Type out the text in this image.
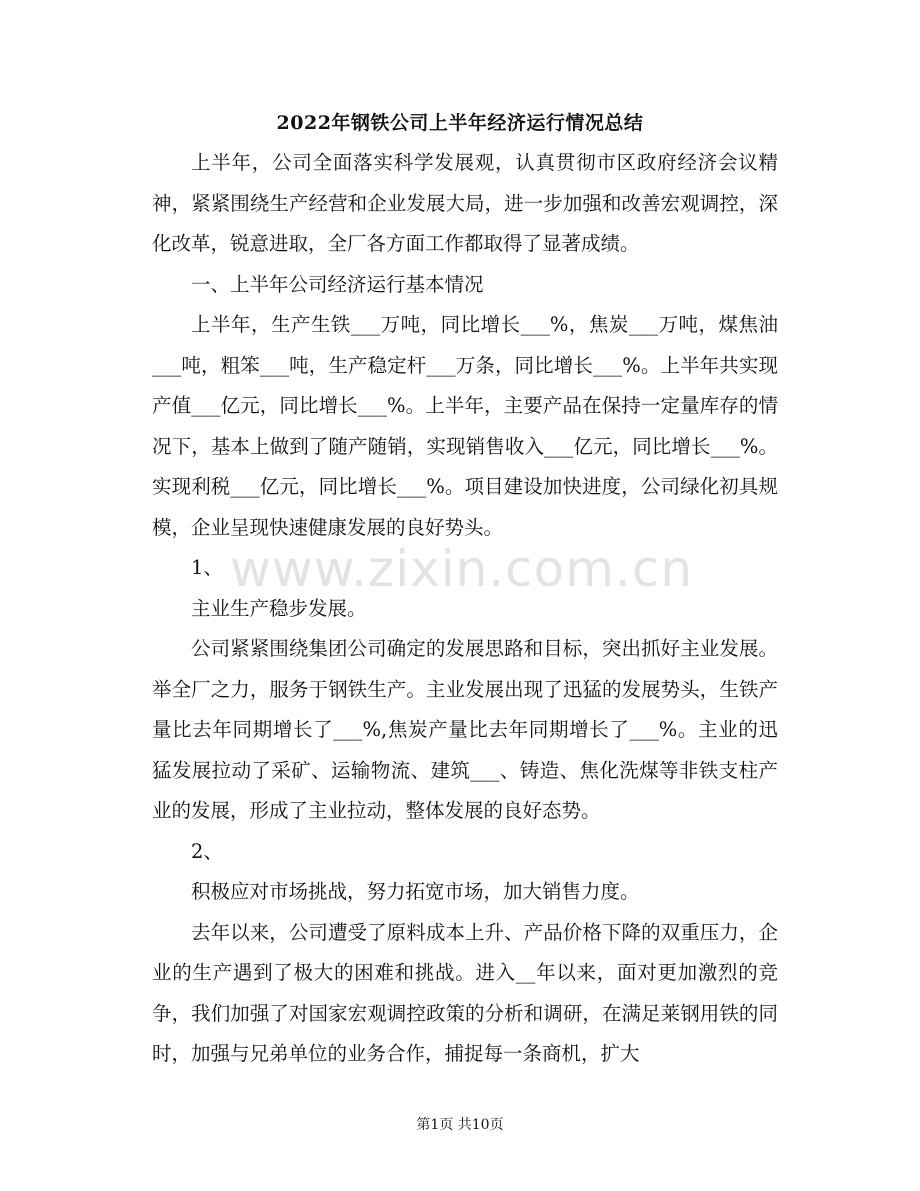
2022年钢铁公司上半年经济运行情况总结

上半年，公司全面落实科学发展观，认真贯彻市区政府经济会议精神，紧紧围绕生产经营和企业发展大局，进一步加强和改善宏观调控，深化改革，锐意进取，全厂各方面工作都取得了显著成绩。

一、上半年公司经济运行基本情况

上半年，生产生铁___万吨，同比增长___%，焦炭___万吨，煤焦油___吨，粗笨___吨，生产稳定杆___万条，同比增长___%。上半年共实现产值___亿元，同比增长___%。上半年，主要产品在保持一定量库存的情况下，基本上做到了随产随销，实现销售收入___亿元，同比增长___%。实现利税___亿元，同比增长___%。项目建设加快进度，公司绿化初具规模，企业呈现快速健康发展的良好势头。

1、

主业生产稳步发展。

公司紧紧围绕集团公司确定的发展思路和目标，突出抓好主业发展。举全厂之力，服务于钢铁生产。主业发展出现了迅猛的发展势头，生铁产量比去年同期增长了___%,焦炭产量比去年同期增长了___%。主业的迅猛发展拉动了采矿、运输物流、建筑___、铸造、焦化洗煤等非铁支柱产业的发展，形成了主业拉动，整体发展的良好态势。

2、

积极应对市场挑战，努力拓宽市场，加大销售力度。

去年以来，公司遭受了原料成本上升、产品价格下降的双重压力，企业的生产遇到了极大的困难和挑战。进入__年以来，面对更加激烈的竞争，我们加强了对国家宏观调控政策的分析和调研，在满足莱钢用铁的同时，加强与兄弟单位的业务合作，捕捉每一条商机，扩大

www.zixin.com.cn
第1页 共10页
